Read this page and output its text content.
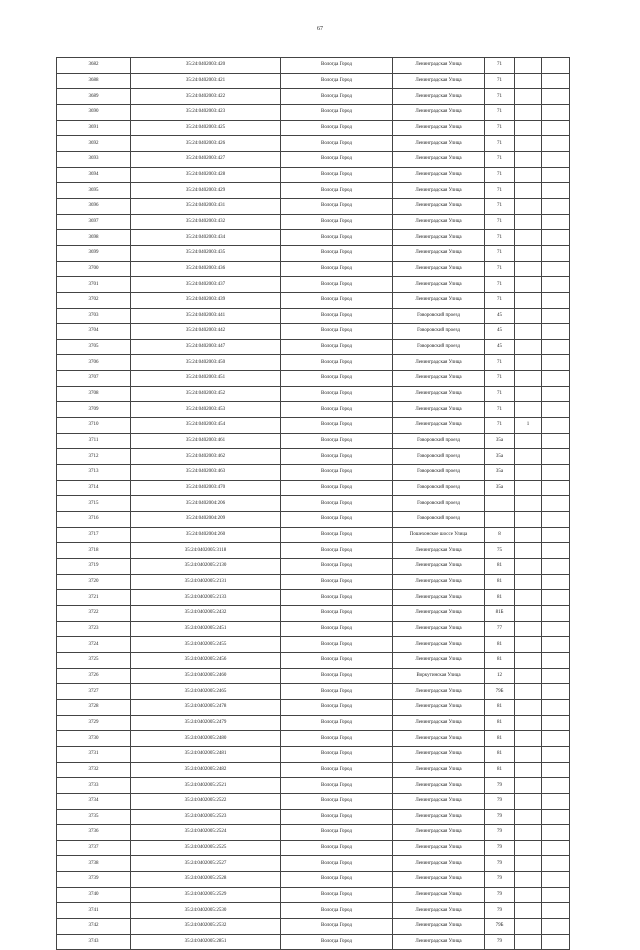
67
3682	35:24:0402003:420	Вологда Город	Ленинградская Улица	71		
3688	35:24:0402003:421	Вологда Город	Ленинградская Улица	71		
3689	35:24:0402003:422	Вологда Город	Ленинградская Улица	71		
3690	35:24:0402003:423	Вологда Город	Ленинградская Улица	71		
3691	35:24:0402003:425	Вологда Город	Ленинградская Улица	71		
3692	35:24:0402003:426	Вологда Город	Ленинградская Улица	71		
3693	35:24:0402003:427	Вологда Город	Ленинградская Улица	71		
3694	35:24:0402003:428	Вологда Город	Ленинградская Улица	71		
3695	35:24:0402003:429	Вологда Город	Ленинградская Улица	71		
3696	35:24:0402003:431	Вологда Город	Ленинградская Улица	71		
3697	35:24:0402003:432	Вологда Город	Ленинградская Улица	71		
3698	35:24:0402003:434	Вологда Город	Ленинградская Улица	71		
3699	35:24:0402003:435	Вологда Город	Ленинградская Улица	71		
3700	35:24:0402003:436	Вологда Город	Ленинградская Улица	71		
3701	35:24:0402003:437	Вологда Город	Ленинградская Улица	71		
3702	35:24:0402003:439	Вологда Город	Ленинградская Улица	71		
3703	35:24:0402003:441	Вологда Город	Говоровский проезд	45		
3704	35:24:0402003:442	Вологда Город	Говоровский проезд	45		
3705	35:24:0402003:447	Вологда Город	Говоровский проезд	45		
3706	35:24:0402003:450	Вологда Город	Ленинградская Улица	71		
3707	35:24:0402003:451	Вологда Город	Ленинградская Улица	71		
3708	35:24:0402003:452	Вологда Город	Ленинградская Улица	71		
3709	35:24:0402003:453	Вологда Город	Ленинградская Улица	71		
3710	35:24:0402003:454	Вологда Город	Ленинградская Улица	71	1	
3711	35:24:0402003:461	Вологда Город	Говоровский проезд	35а		
3712	35:24:0402003:462	Вологда Город	Говоровский проезд	35а		
3713	35:24:0402003:463	Вологда Город	Говоровский проезд	35а		
3714	35:24:0402003:470	Вологда Город	Говоровский проезд	35а		
3715	35:24:0402004:206	Вологда Город	Говоровский проезд			
3716	35:24:0402004:209	Вологда Город	Говоровский проезд			
3717	35:24:0402004:260	Вологда Город	Пошехонское шоссе Улица	8		
3718	35:24:0402005:3118	Вологда Город	Ленинградская Улица	75		
3719	35:24:0402005:2130	Вологда Город	Ленинградская Улица	81		
3720	35:24:0402005:2131	Вологда Город	Ленинградская Улица	81		
3721	35:24:0402005:2133	Вологда Город	Ленинградская Улица	81		
3722	35:24:0402005:2432	Вологда Город	Ленинградская Улица	81Б		
3723	35:24:0402005:2451	Вологда Город	Ленинградская Улица	77		
3724	35:24:0402005:2455	Вологда Город	Ленинградская Улица	81		
3725	35:24:0402005:2456	Вологда Город	Ленинградская Улица	81		
3726	35:24:0402005:2460	Вологда Город	Воркутинская Улица	12		
3727	35:24:0402005:2465	Вологда Город	Ленинградская Улица	79Б		
3728	35:24:0402005:2478	Вологда Город	Ленинградская Улица	81		
3729	35:24:0402005:2479	Вологда Город	Ленинградская Улица	81		
3730	35:24:0402005:2480	Вологда Город	Ленинградская Улица	81		
3731	35:24:0402005:2481	Вологда Город	Ленинградская Улица	81		
3732	35:24:0402005:2482	Вологда Город	Ленинградская Улица	81		
3733	35:24:0402005:2521	Вологда Город	Ленинградская Улица	79		
3734	35:24:0402005:2522	Вологда Город	Ленинградская Улица	79		
3735	35:24:0402005:2523	Вологда Город	Ленинградская Улица	79		
3736	35:24:0402005:2524	Вологда Город	Ленинградская Улица	79		
3737	35:24:0402005:2525	Вологда Город	Ленинградская Улица	79		
3738	35:24:0402005:2527	Вологда Город	Ленинградская Улица	79		
3739	35:24:0402005:2528	Вологда Город	Ленинградская Улица	79		
3740	35:24:0402005:2529	Вологда Город	Ленинградская Улица	79		
3741	35:24:0402005:2530	Вологда Город	Ленинградская Улица	79		
3742	35:24:0402005:2532	Вологда Город	Ленинградская Улица	79Б		
3743	35:24:0402005:2851	Вологда Город	Ленинградская Улица	79		
